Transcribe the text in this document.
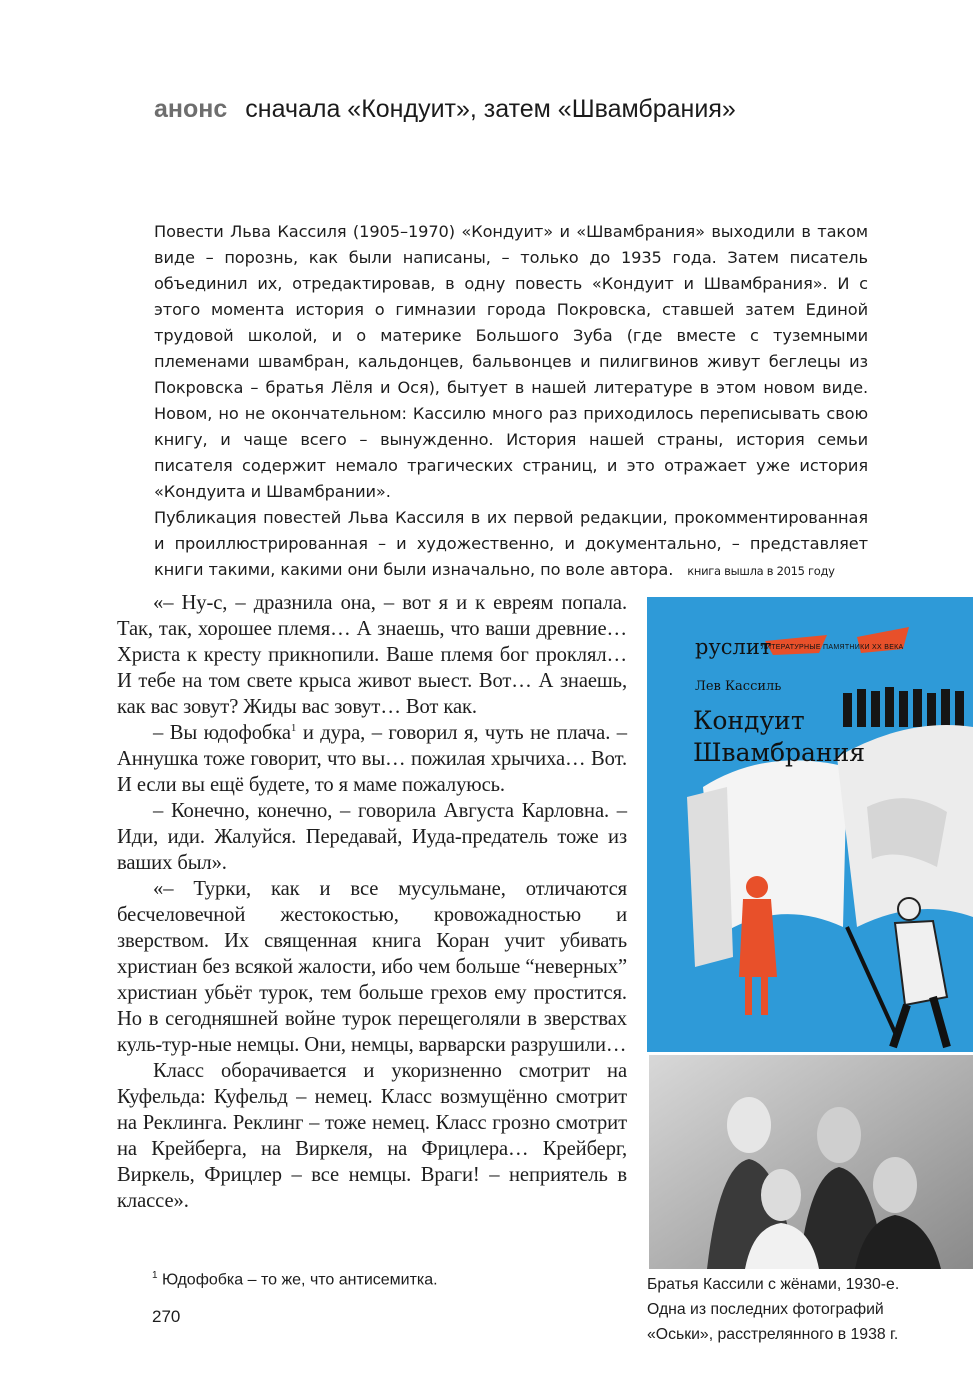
анонс сначала «Кондуит», затем «Швамбрания»

Повести Льва Кассиля (1905–1970) «Кондуит» и «Швамбрания» выходили в таком виде – порознь, как были написаны, – только до 1935 года. Затем писатель объединил их, отредактировав, в одну повесть «Кондуит и Швамбрания». И с этого момента история о гимназии города Покровска, ставшей затем Единой трудовой школой, и о материке Большого Зуба (где вместе с туземными племенами швамбран, кальдонцев, бальвонцев и пилигвинов живут беглецы из Покровска – братья Лёля и Ося), бытует в нашей литературе в этом новом виде. Новом, но не окончательном: Кассилю много раз приходилось переписывать свою книгу, и чаще всего – вынужденно. История нашей страны, история семьи писателя содержит немало трагических страниц, и это отражает уже история «Кондуита и Швамбрании».

Публикация повестей Льва Кассиля в их первой редакции, прокомментированная и проиллюстрированная – и художественно, и документально, – представляет книги такими, какими они были изначально, по воле автора. книга вышла в 2015 году

«– Ну-с, – дразнила она, – вот я и к евреям попала. Так, так, хорошее племя… А знаешь, что ваши древние… Христа к кресту прикнопили. Ваше племя бог проклял… И тебе на том свете крыса живот выест. Вот… А знаешь, как вас зовут? Жиды вас зовут… Вот как.

– Вы юдофобка$^1$ и дура, – говорил я, чуть не плача. – Аннушка тоже говорит, что вы… пожилая хрычиха… Вот. И если вы ещё будете, то я маме пожалуюсь.

– Конечно, конечно, – говорила Августа Карловна. – Иди, иди. Жалуйся. Передавай, Иуда-предатель тоже из ваших был».

«– Турки, как и все мусульмане, отличаются бесчеловечной жестокостью, кровожадностью и зверством. Их священная книга Коран учит убивать христиан без всякой жалости, ибо чем больше “неверных” христиан убьёт турок, тем больше грехов ему простится. Но в сегодняшней войне турок перещеголяли в зверствах куль-тур-ные немцы. Они, немцы, варварски разрушили…

Класс оборачивается и укоризненно смотрит на Куфельда: Куфельд – немец. Класс возмущённо смотрит на Реклинга. Реклинг – тоже немец. Класс грозно смотрит на Крейберга, на Виркеля, на Фрицлера… Крейберг, Виркель, Фрицлер – все немцы. Враги! – неприятель в классе».

$^1$ Юдофобка – то же, что антисемитка.
270
руслит
ЛИТЕРАТУРНЫЕ ПАМЯТНИКИ XX ВЕКА
Лев Кассиль
Кондуит
Швамбрания
Братья Кассили с жёнами, 1930-е.
Одна из последних фотографий
«Оськи», расстрелянного в 1938 г.
